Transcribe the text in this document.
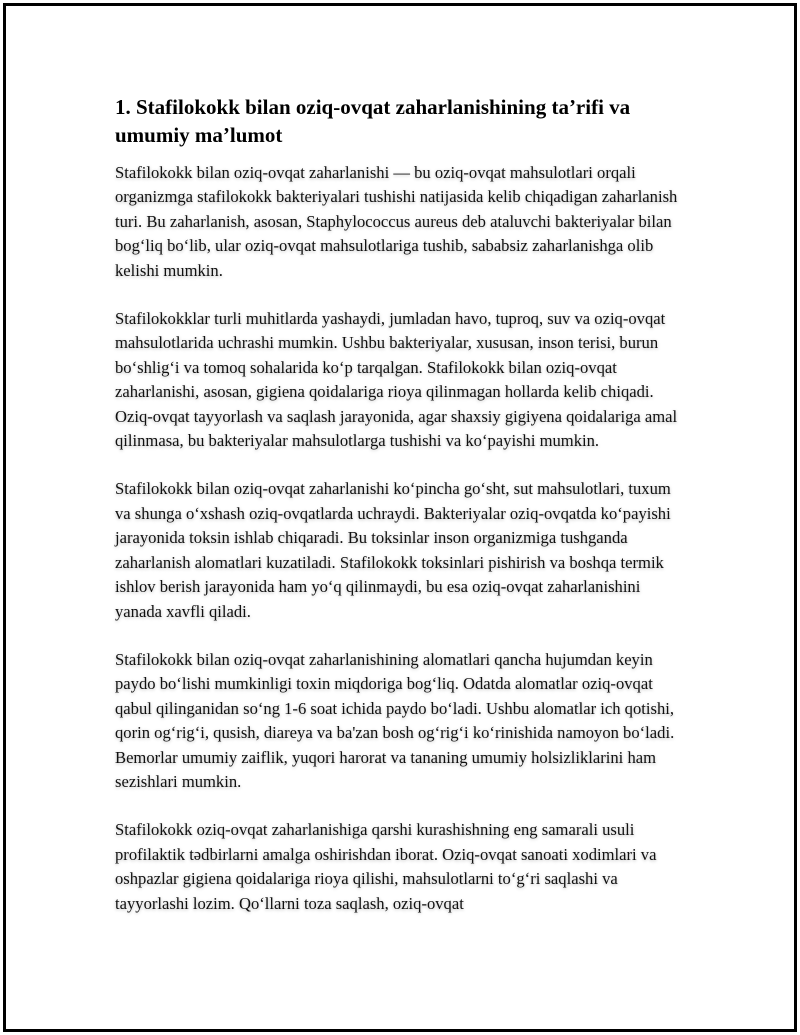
1. Stafilokokk bilan oziq-ovqat zaharlanishining ta’rifi va umumiy ma’lumot

Stafilokokk bilan oziq-ovqat zaharlanishi — bu oziq-ovqat mahsulotlari orqali organizmga stafilokokk bakteriyalari tushishi natijasida kelib chiqadigan zaharlanish turi. Bu zaharlanish, asosan, Staphylococcus aureus deb ataluvchi bakteriyalar bilan bog‘liq bo‘lib, ular oziq-ovqat mahsulotlariga tushib, sababsiz zaharlanishga olib kelishi mumkin.

Stafilokokklar turli muhitlarda yashaydi, jumladan havo, tuproq, suv va oziq-ovqat mahsulotlarida uchrashi mumkin. Ushbu bakteriyalar, xususan, inson terisi, burun bo‘shlig‘i va tomoq sohalarida ko‘p tarqalgan. Stafilokokk bilan oziq-ovqat zaharlanishi, asosan, gigiena qoidalariga rioya qilinmagan hollarda kelib chiqadi. Oziq-ovqat tayyorlash va saqlash jarayonida, agar shaxsiy gigiyena qoidalariga amal qilinmasa, bu bakteriyalar mahsulotlarga tushishi va ko‘payishi mumkin.

Stafilokokk bilan oziq-ovqat zaharlanishi ko‘pincha go‘sht, sut mahsulotlari, tuxum va shunga o‘xshash oziq-ovqatlarda uchraydi. Bakteriyalar oziq-ovqatda ko‘payishi jarayonida toksin ishlab chiqaradi. Bu toksinlar inson organizmiga tushganda zaharlanish alomatlari kuzatiladi. Stafilokokk toksinlari pishirish va boshqa termik ishlov berish jarayonida ham yo‘q qilinmaydi, bu esa oziq-ovqat zaharlanishini yanada xavfli qiladi.

Stafilokokk bilan oziq-ovqat zaharlanishining alomatlari qancha hujumdan keyin paydo bo‘lishi mumkinligi toxin miqdoriga bog‘liq. Odatda alomatlar oziq-ovqat qabul qilinganidan so‘ng 1-6 soat ichida paydo bo‘ladi. Ushbu alomatlar ich qotishi, qorin og‘rig‘i, qusish, diareya va ba'zan bosh og‘rig‘i ko‘rinishida namoyon bo‘ladi. Bemorlar umumiy zaiflik, yuqori harorat va tananing umumiy holsizliklarini ham sezishlari mumkin.

Stafilokokk oziq-ovqat zaharlanishiga qarshi kurashishning eng samarali usuli profilaktik tədbirlarni amalga oshirishdan iborat. Oziq-ovqat sanoati xodimlari va oshpazlar gigiena qoidalariga rioya qilishi, mahsulotlarni to‘g‘ri saqlashi va tayyorlashi lozim. Qo‘llarni toza saqlash, oziq-ovqat
